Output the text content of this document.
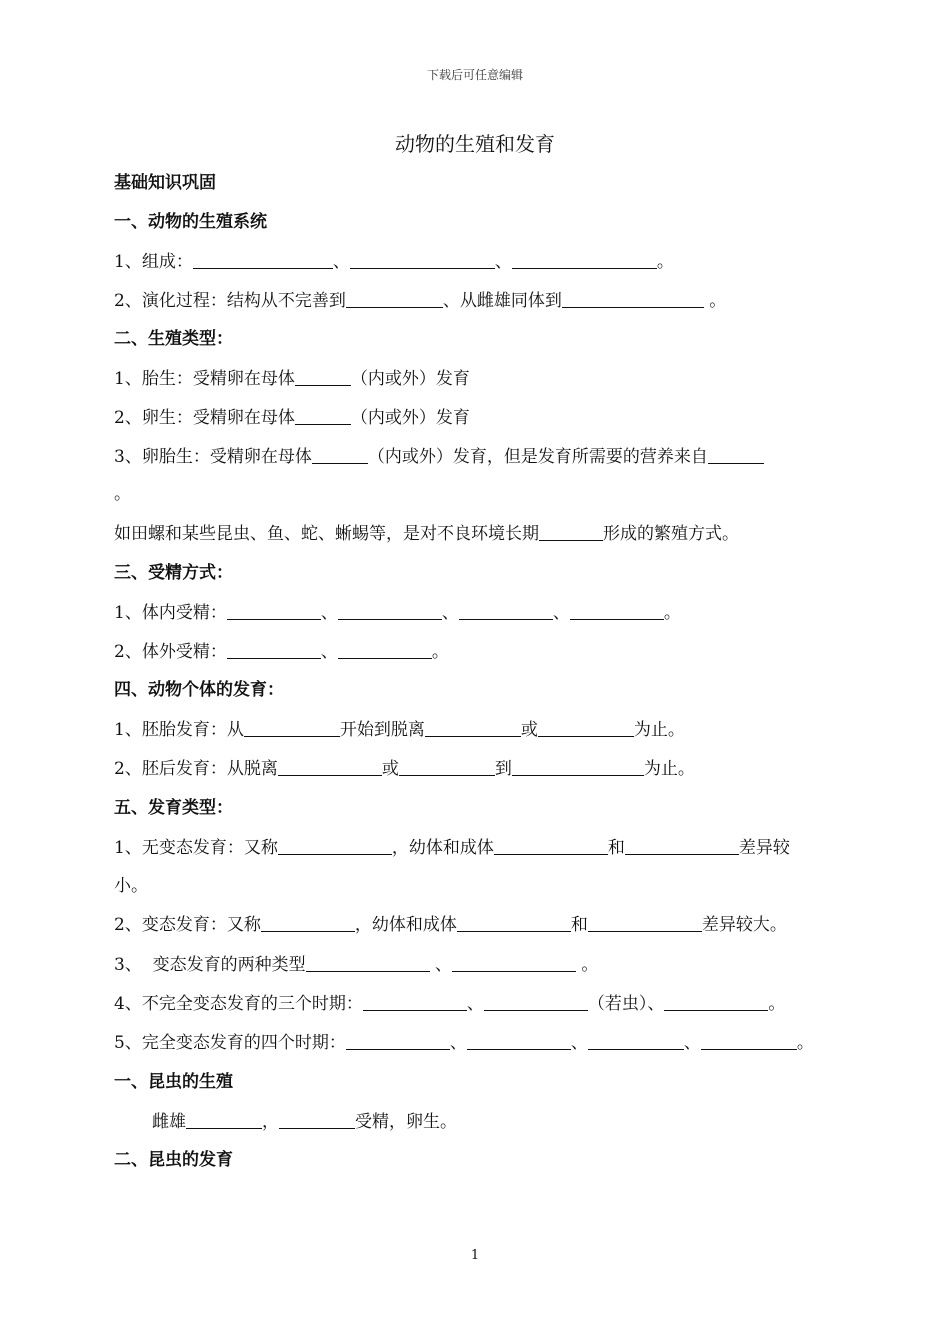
下载后可任意编辑
动物的生殖和发育
基础知识巩固
一、动物的生殖系统
1、组成：	、	、	。
2、演化过程：结构从不完善到	、从雌雄同体到	。
二、生殖类型：
1、胎生：受精卵在母体	（内或外）发育
2、卵生：受精卵在母体	（内或外）发育
3、卵胎生：受精卵在母体	（内或外）发育，但是发育所需要的营养来自
。
如田螺和某些昆虫、鱼、蛇、蜥蜴等，是对不良环境长期	形成的繁殖方式。
三、受精方式：
1、体内受精：	、	、	、	。
2、体外受精：	、	。
四、动物个体的发育：
1、胚胎发育：从	开始到脱离	或	为止。
2、胚后发育：从脱离	或	到	为止。
五、发育类型：
1、无变态发育：又称	，幼体和成体	和	差异较
小。
2、变态发育：又称	，幼体和成体	和	差异较大。
3、  变态发育的两种类型	、	。
4、不完全变态发育的三个时期：	、	（若虫）、	。
5、完全变态发育的四个时期：	、	、	、	。
一、昆虫的生殖
雌雄	，	受精，卵生。
二、昆虫的发育
1
